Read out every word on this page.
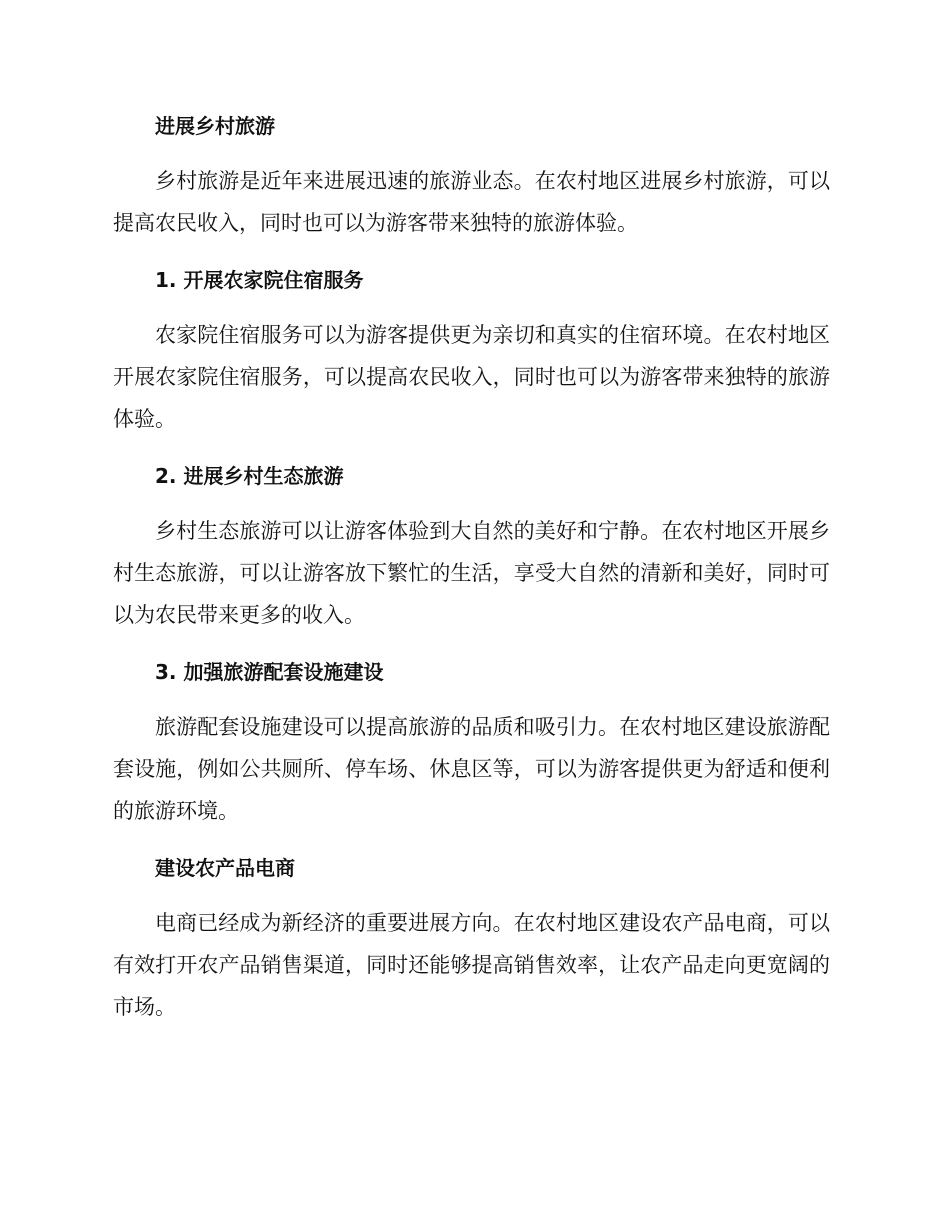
进展乡村旅游

乡村旅游是近年来进展迅速的旅游业态。在农村地区进展乡村旅游，可以提高农民收入，同时也可以为游客带来独特的旅游体验。

1. 开展农家院住宿服务

农家院住宿服务可以为游客提供更为亲切和真实的住宿环境。在农村地区开展农家院住宿服务，可以提高农民收入，同时也可以为游客带来独特的旅游体验。

2. 进展乡村生态旅游

乡村生态旅游可以让游客体验到大自然的美好和宁静。在农村地区开展乡村生态旅游，可以让游客放下繁忙的生活，享受大自然的清新和美好，同时可以为农民带来更多的收入。

3. 加强旅游配套设施建设

旅游配套设施建设可以提高旅游的品质和吸引力。在农村地区建设旅游配套设施，例如公共厕所、停车场、休息区等，可以为游客提供更为舒适和便利的旅游环境。

建设农产品电商

电商已经成为新经济的重要进展方向。在农村地区建设农产品电商，可以有效打开农产品销售渠道，同时还能够提高销售效率，让农产品走向更宽阔的市场。
